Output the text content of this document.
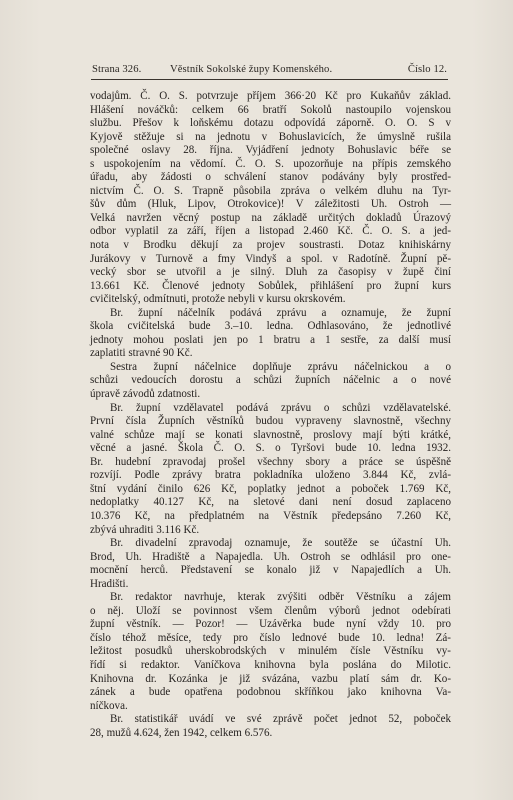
Strana 326.	Věstník Sokolské župy Komenského.	Číslo 12.
vodajům. Č. O. S. potvrzuje příjem 366·20 Kč pro Kukaňův základ.
Hlášení nováčků: celkem 66 bratří Sokolů nastoupilo vojenskou
službu. Přešov k loňskému dotazu odpovídá záporně. O. O. S v
Kyjově stěžuje si na jednotu v Bohuslavicích, že úmyslně rušila
společné oslavy 28. října. Vyjádření jednoty Bohuslavic béře se
s uspokojením na vědomí. Č. O. S. upozorňuje na přípis zemského
úřadu, aby žádosti o schválení stanov podávány byly prostřed-
nictvím Č. O. S. Trapně působila zpráva o velkém dluhu na Tyr-
šův dům (Hluk, Lipov, Otrokovice)! V záležitosti Uh. Ostroh —
Velká navržen věcný postup na základě určitých dokladů Úrazový
odbor vyplatil za září, říjen a listopad 2.460 Kč. Č. O. S. a jed-
nota v Brodku děkují za projev soustrasti. Dotaz knihiskárny
Jurákovy v Turnově a fmy Vindyš a spol. v Radotíně. Župní pě-
vecký sbor se utvořil a je silný. Dluh za časopisy v župě činí
13.661 Kč. Členové jednoty Sobůlek, přihlášení pro župní kurs
cvičitelský, odmítnuti, protože nebyli v kursu okrskovém.
Br. župní náčelník podává zprávu a oznamuje, že župní
škola cvičitelská bude 3.–10. ledna. Odhlasováno, že jednotlivé
jednoty mohou poslati jen po 1 bratru a 1 sestře, za další musí
zaplatiti stravné 90 Kč.
Sestra župní náčelnice doplňuje zprávu náčelnickou a o
schůzi vedoucích dorostu a schůzi župních náčelnic a o nové
úpravě závodů zdatnosti.
Br. župní vzdělavatel podává zprávu o schůzi vzdělavatelské.
První čísla Župních věstníků budou vypraveny slavnostně, všechny
valné schůze mají se konati slavnostně, proslovy mají býti krátké,
věcné a jasné. Škola Č. O. S. o Tyršovi bude 10. ledna 1932.
Br. hudební zpravodaj prošel všechny sbory a práce se úspěšně
rozvíjí. Podle zprávy bratra pokladníka uloženo 3.844 Kč, zvlá-
štní vydání činilo 626 Kč, poplatky jednot a poboček 1.769 Kč,
nedoplatky 40.127 Kč, na sletové dani není dosud zaplaceno
10.376 Kč, na předplatném na Věstník předepsáno 7.260 Kč,
zbývá uhraditi 3.116 Kč.
Br. divadelní zpravodaj oznamuje, že soutěže se účastní Uh.
Brod, Uh. Hradiště a Napajedla. Uh. Ostroh se odhlásil pro one-
mocnění herců. Představení se konalo již v Napajedlích a Uh.
Hradišti.
Br. redaktor navrhuje, kterak zvýšiti odběr Věstníku a zájem
o něj. Uloží se povinnost všem členům výborů jednot odebírati
župní věstník. — Pozor! — Uzávěrka bude nyní vždy 10. pro
číslo téhož měsíce, tedy pro číslo lednové bude 10. ledna! Zá-
ležitost posudků uherskobrodských v minulém čísle Věstníku vy-
řídí si redaktor. Vaníčkova knihovna byla poslána do Milotic.
Knihovna dr. Kozánka je již svázána, vazbu platí sám dr. Ko-
zánek a bude opatřena podobnou skříňkou jako knihovna Va-
níčkova.
Br. statistikář uvádí ve své zprávě počet jednot 52, poboček
28, mužů 4.624, žen 1942, celkem 6.576.
